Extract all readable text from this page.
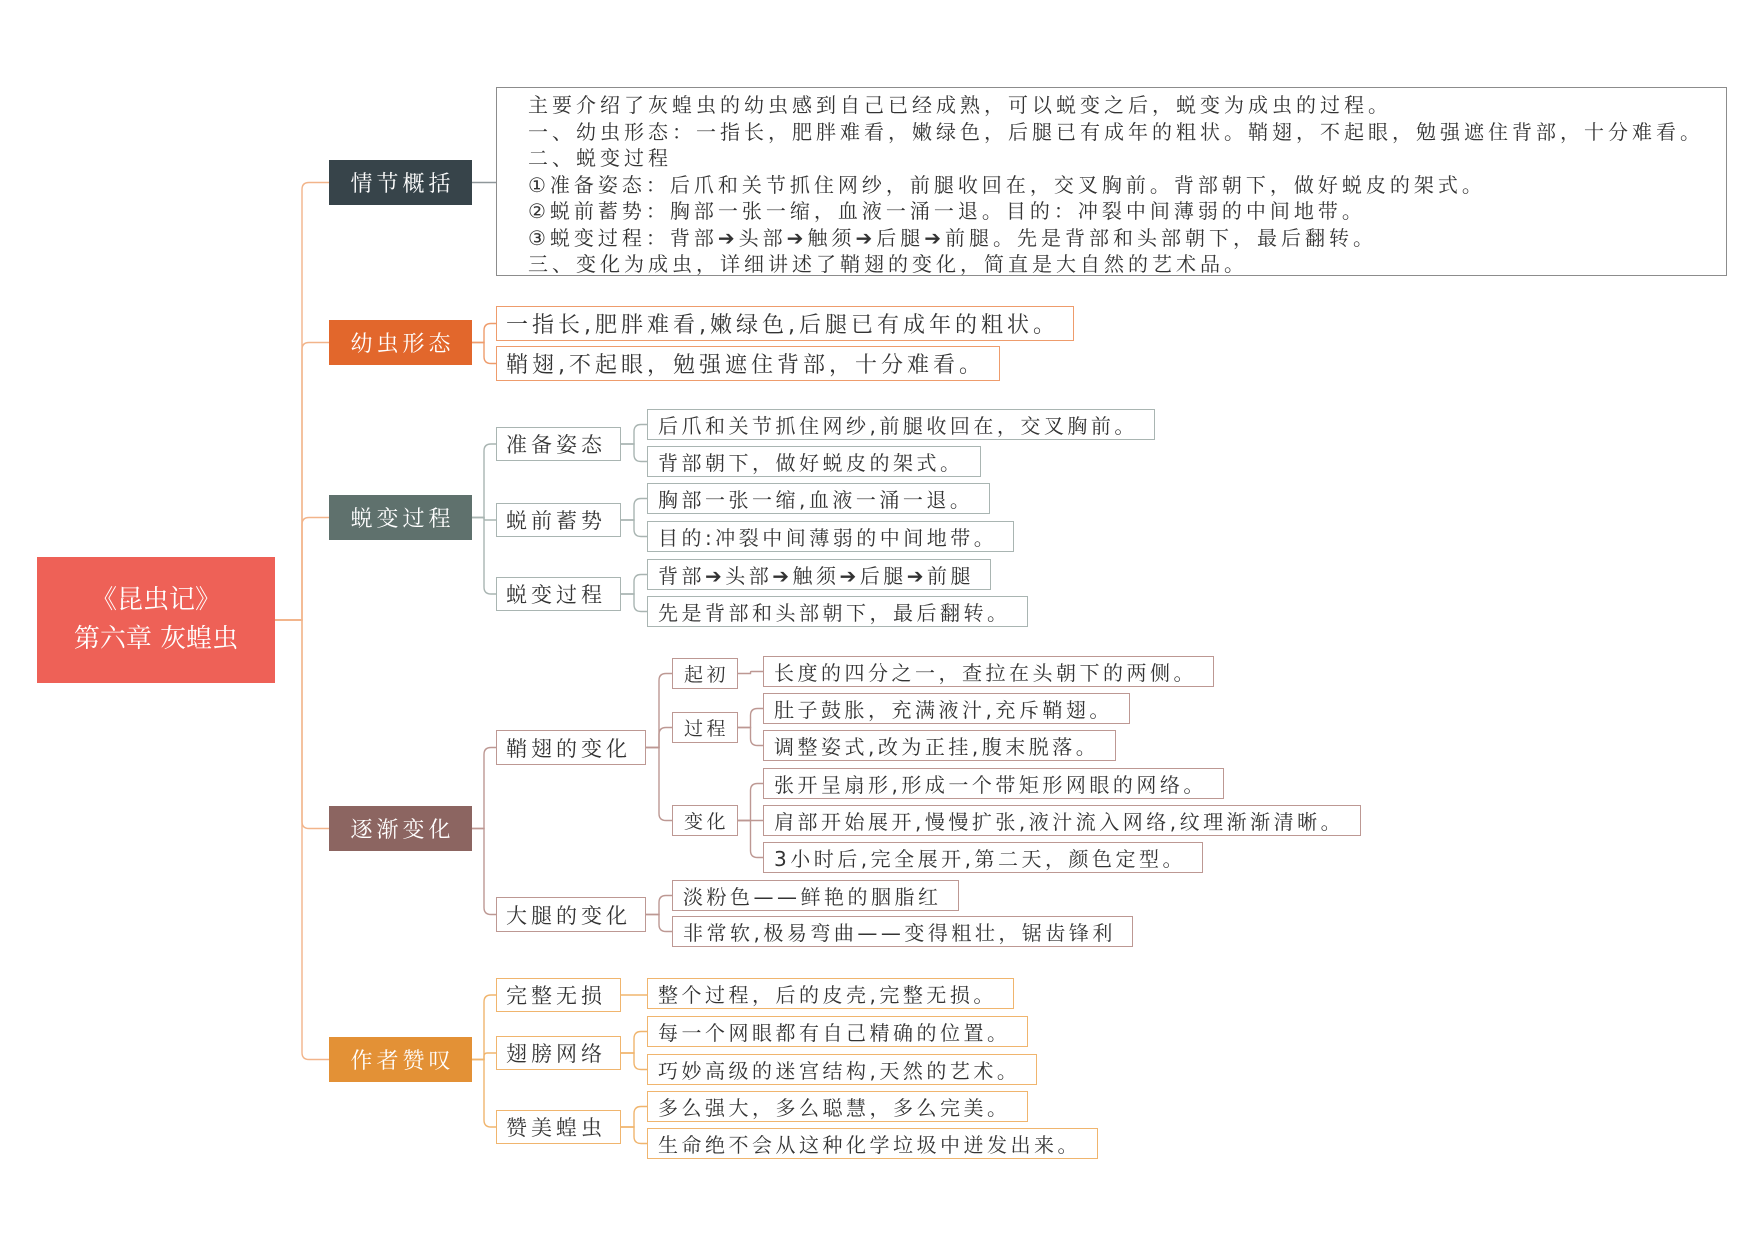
《昆虫记》
第六章 灰蝗虫
情节概括
幼虫形态
蜕变过程
逐渐变化
作者赞叹
主要介绍了灰蝗虫的幼虫感到自己已经成熟，可以蜕变之后，蜕变为成虫的过程。
一、幼虫形态：一指长，肥胖难看，嫩绿色，后腿已有成年的粗状。鞘翅，不起眼，勉强遮住背部，十分难看。
二、蜕变过程
①准备姿态：后爪和关节抓住网纱，前腿收回在，交叉胸前。背部朝下，做好蜕皮的架式。
②蜕前蓄势：胸部一张一缩，血液一涌一退。目的：冲裂中间薄弱的中间地带。
③蜕变过程：背部➔头部➔触须➔后腿➔前腿。先是背部和头部朝下，最后翻转。
三、变化为成虫，详细讲述了鞘翅的变化，简直是大自然的艺术品。
一指长,肥胖难看,嫩绿色,后腿已有成年的粗状。
鞘翅,不起眼，勉强遮住背部，十分难看。
准备姿态
蜕前蓄势
蜕变过程
后爪和关节抓住网纱,前腿收回在，交叉胸前。
背部朝下，做好蜕皮的架式。
胸部一张一缩,血液一涌一退。
目的:冲裂中间薄弱的中间地带。
背部➔头部➔触须➔后腿➔前腿
先是背部和头部朝下，最后翻转。
鞘翅的变化
大腿的变化
起初
过程
变化
长度的四分之一，查拉在头朝下的两侧。
肚子鼓胀，充满液汁,充斥鞘翅。
调整姿式,改为正挂,腹末脱落。
张开呈扇形,形成一个带矩形网眼的网络。
肩部开始展开,慢慢扩张,液汁流入网络,纹理渐渐清晰。
3小时后,完全展开,第二天，颜色定型。
淡粉色——鲜艳的胭脂红
非常软,极易弯曲——变得粗壮，锯齿锋利
完整无损
翅膀网络
赞美蝗虫
整个过程，后的皮壳,完整无损。
每一个网眼都有自己精确的位置。
巧妙高级的迷宫结构,天然的艺术。
多么强大，多么聪慧，多么完美。
生命绝不会从这种化学垃圾中迸发出来。
